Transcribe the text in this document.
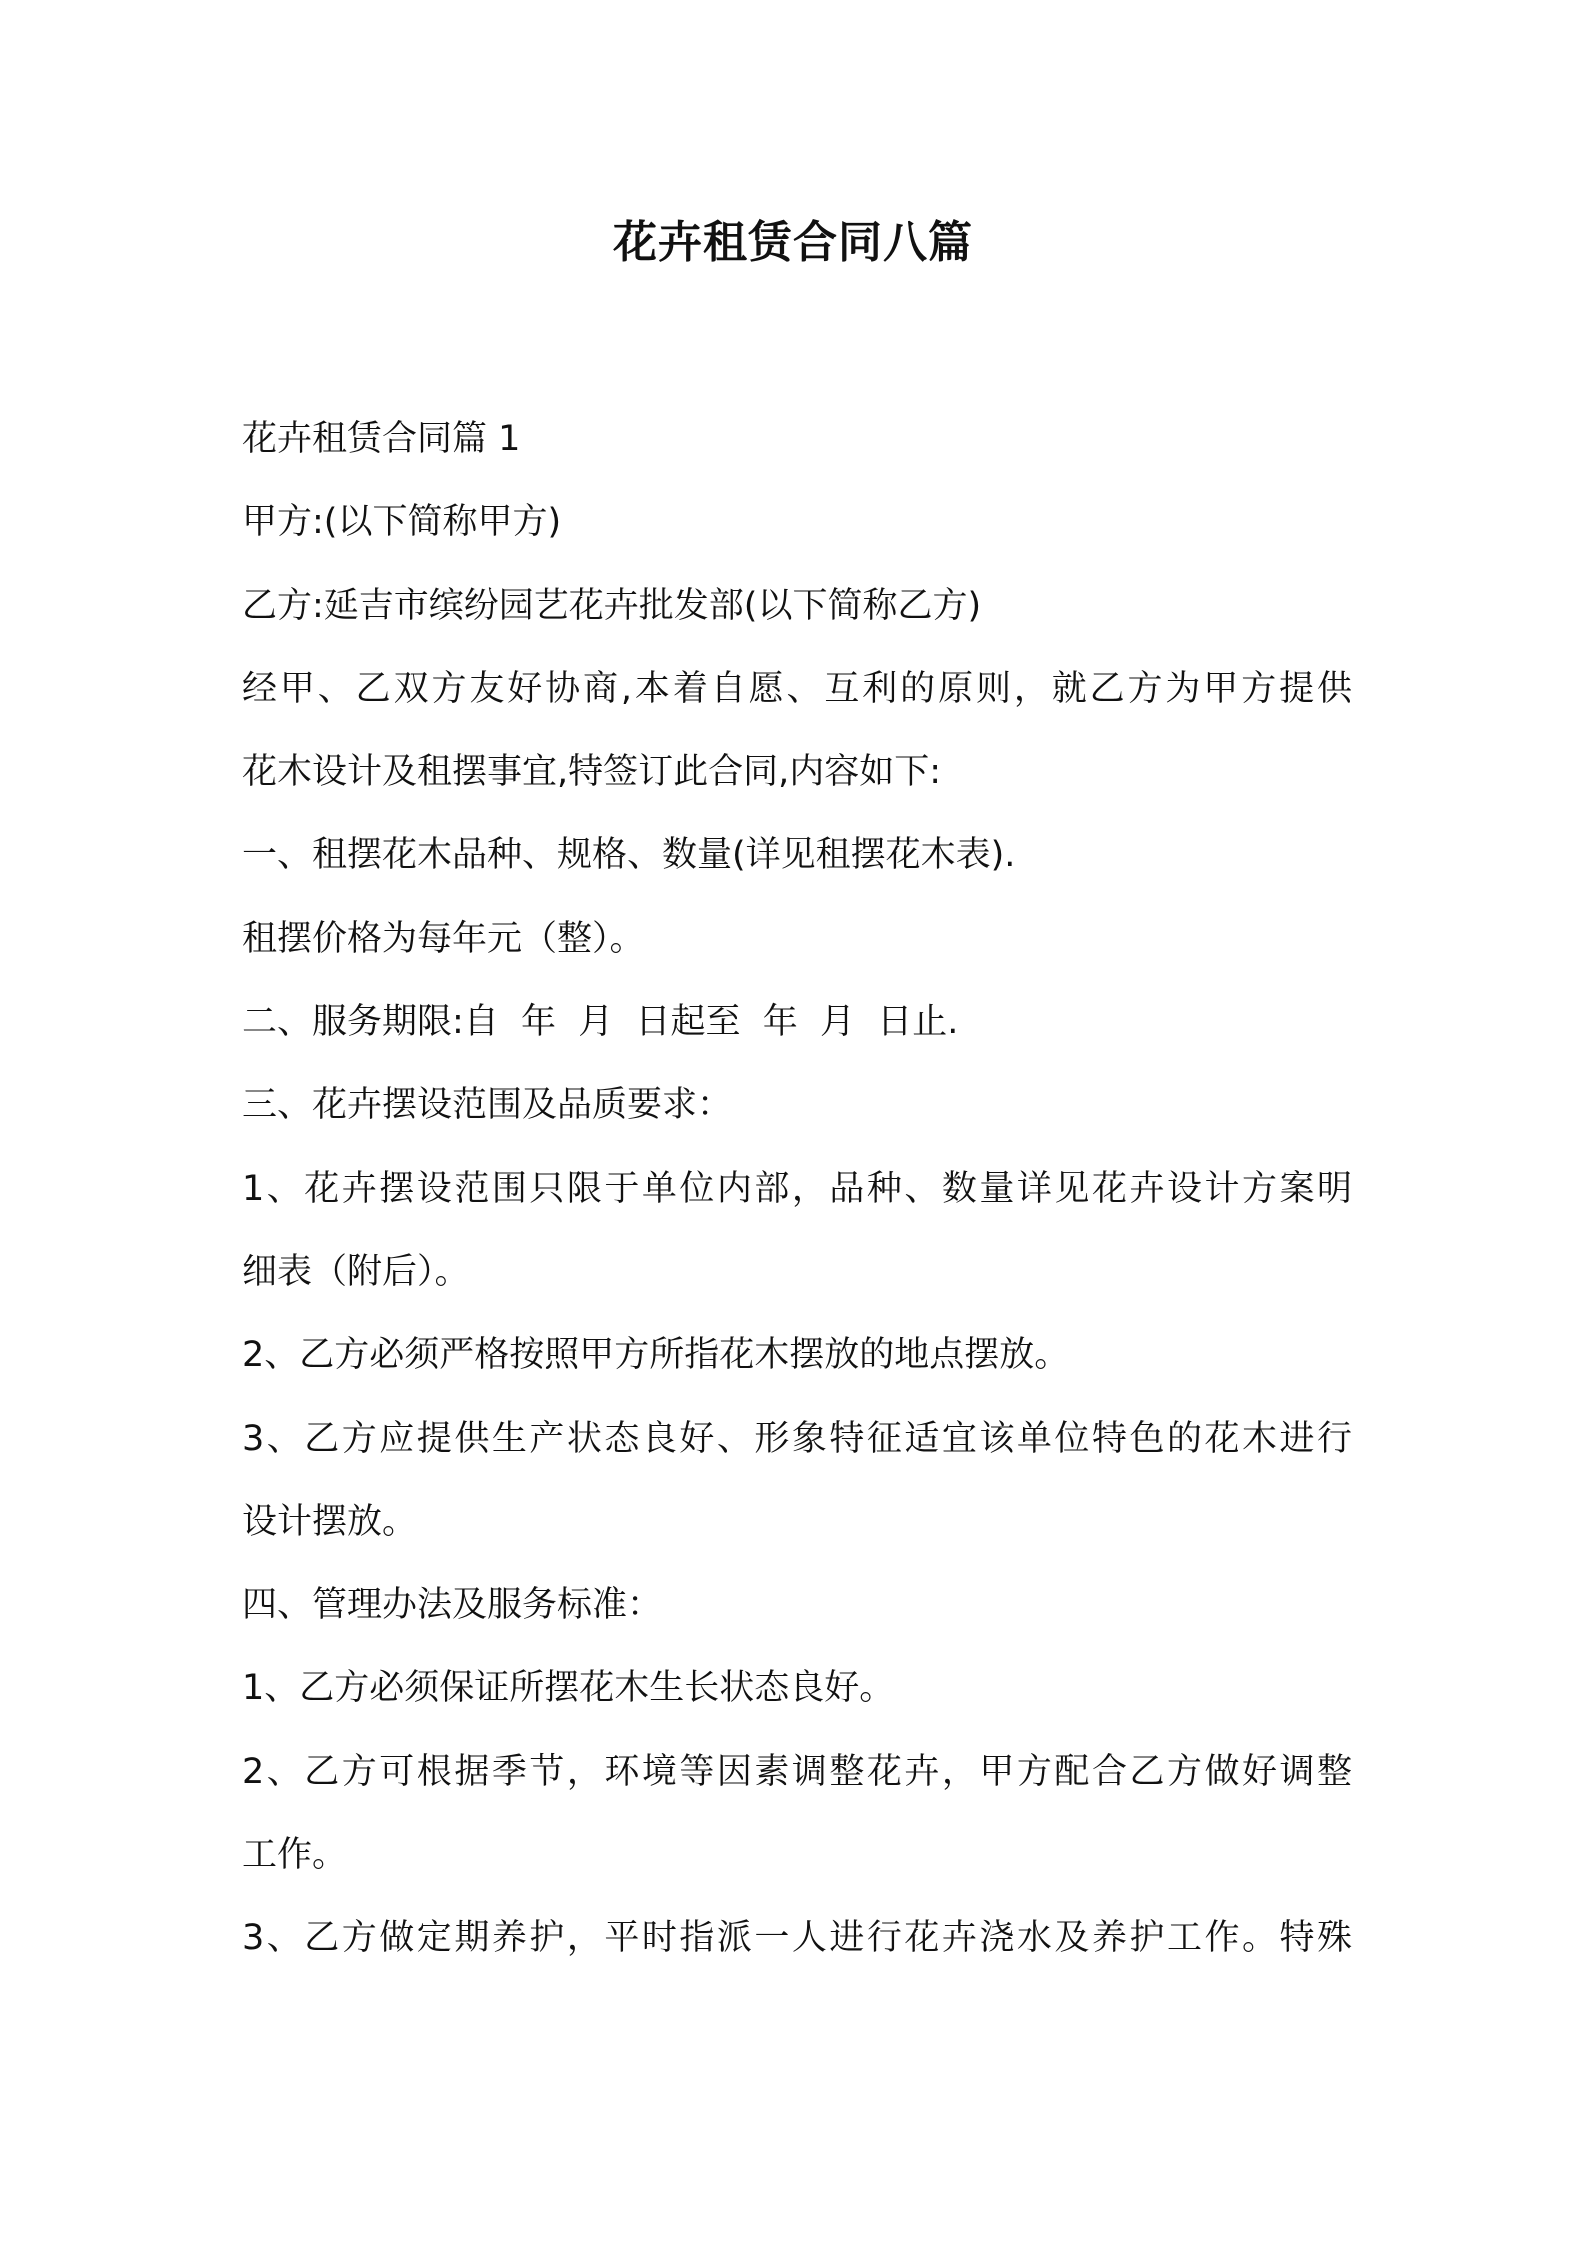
花卉租赁合同八篇
花卉租赁合同篇 1
甲方:(以下简称甲方)
乙方:延吉市缤纷园艺花卉批发部(以下简称乙方)
经甲、乙双方友好协商,本着自愿、互利的原则，就乙方为甲方提供
花木设计及租摆事宜,特签订此合同,内容如下:
一、租摆花木品种、规格、数量(详见租摆花木表).
租摆价格为每年元（整）。
二、服务期限:自  年  月  日起至  年  月  日止.
三、花卉摆设范围及品质要求：
1、花卉摆设范围只限于单位内部，品种、数量详见花卉设计方案明
细表（附后）。
2、乙方必须严格按照甲方所指花木摆放的地点摆放。
3、乙方应提供生产状态良好、形象特征适宜该单位特色的花木进行
设计摆放。
四、管理办法及服务标准：
1、乙方必须保证所摆花木生长状态良好。
2、乙方可根据季节，环境等因素调整花卉，甲方配合乙方做好调整
工作。
3、乙方做定期养护，平时指派一人进行花卉浇水及养护工作。特殊
